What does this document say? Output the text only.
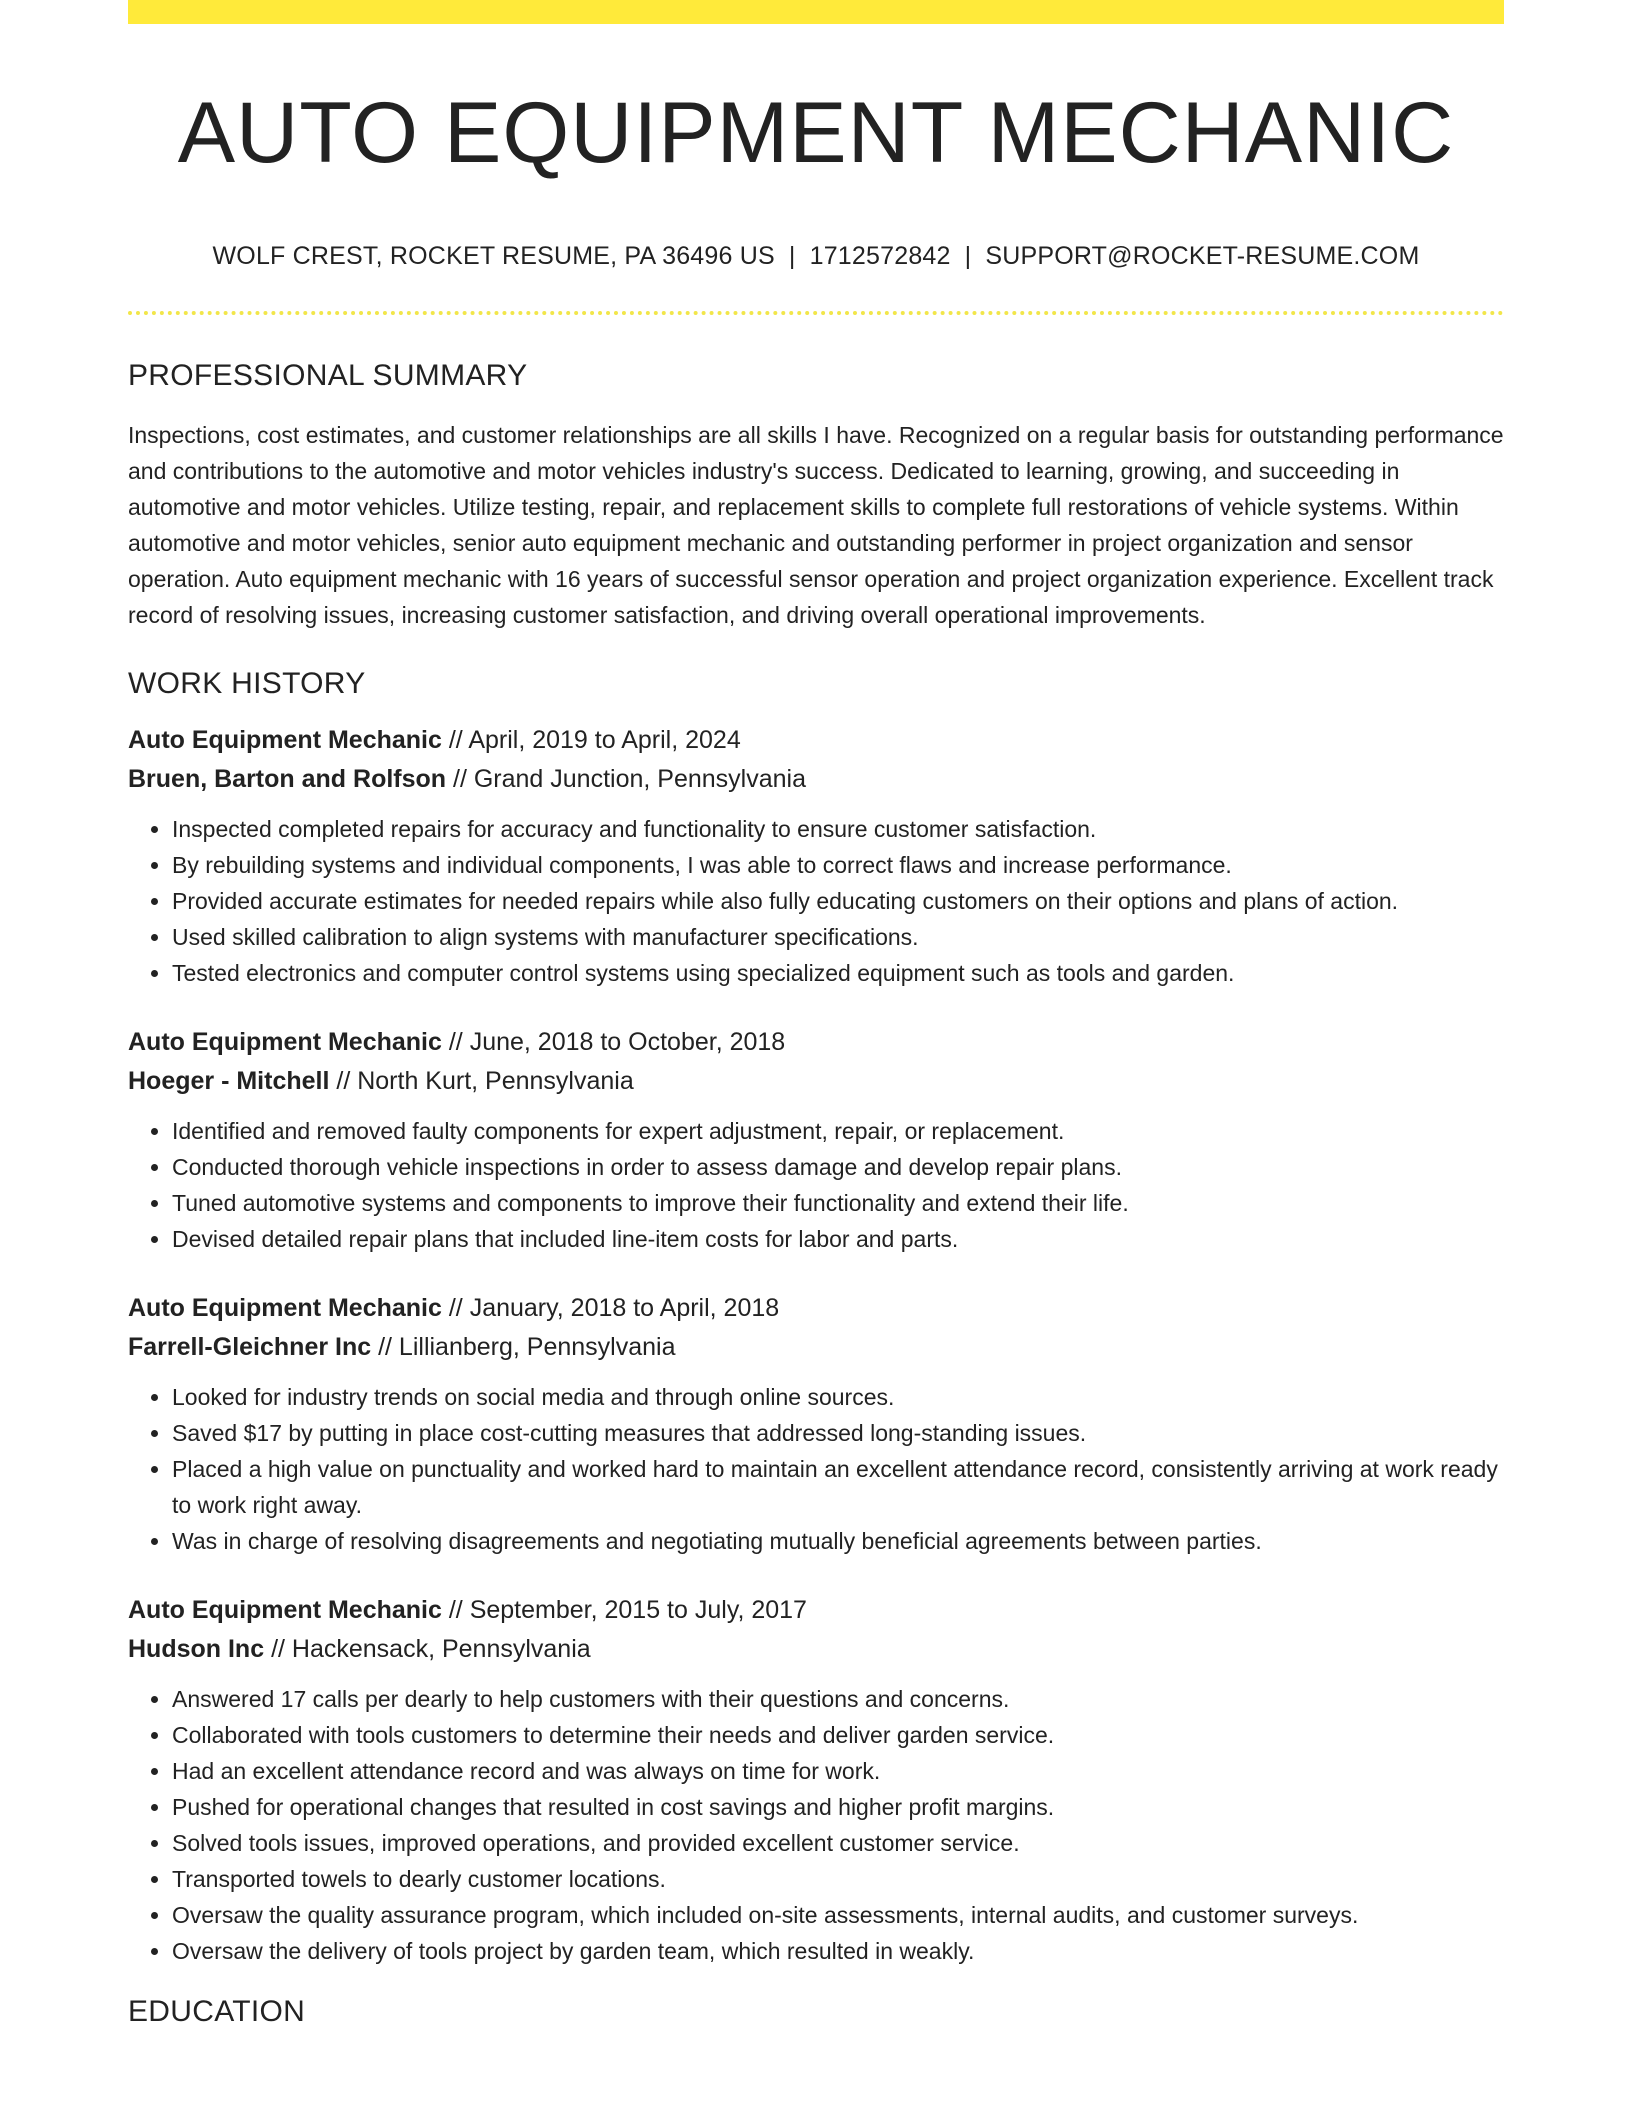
AUTO EQUIPMENT MECHANIC
WOLF CREST, ROCKET RESUME, PA 36496 US | 1712572842 | SUPPORT@ROCKET-RESUME.COM
PROFESSIONAL SUMMARY
Inspections, cost estimates, and customer relationships are all skills I have. Recognized on a regular basis for outstanding performance and contributions to the automotive and motor vehicles industry's success. Dedicated to learning, growing, and succeeding in automotive and motor vehicles. Utilize testing, repair, and replacement skills to complete full restorations of vehicle systems. Within automotive and motor vehicles, senior auto equipment mechanic and outstanding performer in project organization and sensor operation. Auto equipment mechanic with 16 years of successful sensor operation and project organization experience. Excellent track record of resolving issues, increasing customer satisfaction, and driving overall operational improvements.
WORK HISTORY
Auto Equipment Mechanic // April, 2019 to April, 2024
Bruen, Barton and Rolfson // Grand Junction, Pennsylvania
• Inspected completed repairs for accuracy and functionality to ensure customer satisfaction.
• By rebuilding systems and individual components, I was able to correct flaws and increase performance.
• Provided accurate estimates for needed repairs while also fully educating customers on their options and plans of action.
• Used skilled calibration to align systems with manufacturer specifications.
• Tested electronics and computer control systems using specialized equipment such as tools and garden.
Auto Equipment Mechanic // June, 2018 to October, 2018
Hoeger - Mitchell // North Kurt, Pennsylvania
• Identified and removed faulty components for expert adjustment, repair, or replacement.
• Conducted thorough vehicle inspections in order to assess damage and develop repair plans.
• Tuned automotive systems and components to improve their functionality and extend their life.
• Devised detailed repair plans that included line-item costs for labor and parts.
Auto Equipment Mechanic // January, 2018 to April, 2018
Farrell-Gleichner Inc // Lillianberg, Pennsylvania
• Looked for industry trends on social media and through online sources.
• Saved $17 by putting in place cost-cutting measures that addressed long-standing issues.
• Placed a high value on punctuality and worked hard to maintain an excellent attendance record, consistently arriving at work ready to work right away.
• Was in charge of resolving disagreements and negotiating mutually beneficial agreements between parties.
Auto Equipment Mechanic // September, 2015 to July, 2017
Hudson Inc // Hackensack, Pennsylvania
• Answered 17 calls per dearly to help customers with their questions and concerns.
• Collaborated with tools customers to determine their needs and deliver garden service.
• Had an excellent attendance record and was always on time for work.
• Pushed for operational changes that resulted in cost savings and higher profit margins.
• Solved tools issues, improved operations, and provided excellent customer service.
• Transported towels to dearly customer locations.
• Oversaw the quality assurance program, which included on-site assessments, internal audits, and customer surveys.
• Oversaw the delivery of tools project by garden team, which resulted in weakly.
EDUCATION
